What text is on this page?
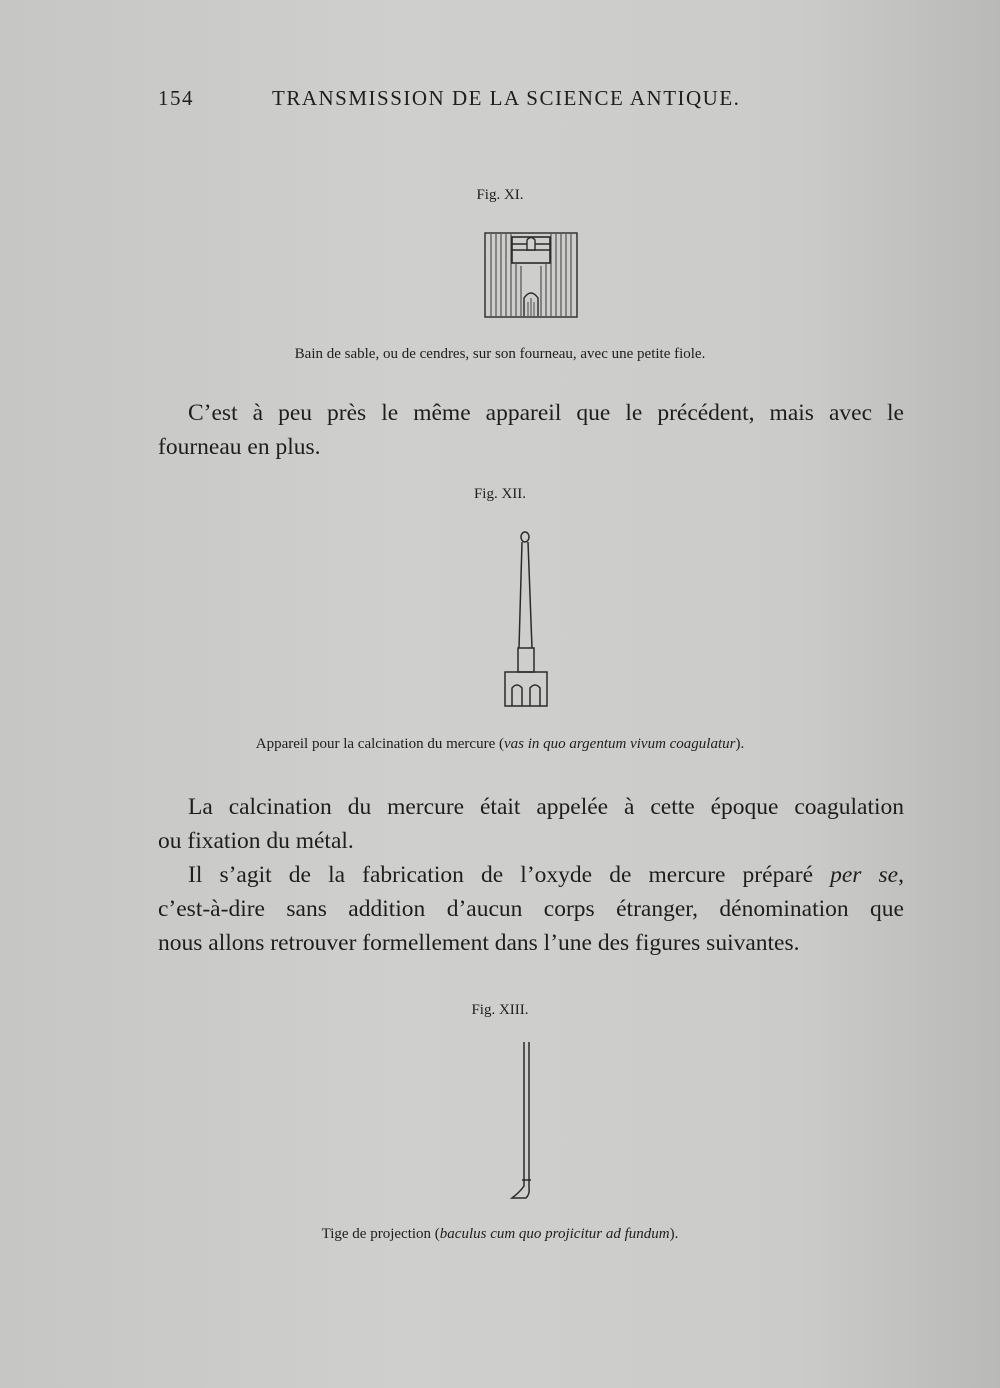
154	TRANSMISSION DE LA SCIENCE ANTIQUE.
Fig. XI.
Bain de sable, ou de cendres, sur son fourneau, avec une petite fiole.
C’est à peu près le même appareil que le précédent, mais avec le
fourneau en plus.
Fig. XII.
Appareil pour la calcination du mercure (vas in quo argentum vivum coagulatur).
La calcination du mercure était appelée à cette époque coagulation
ou fixation du métal.
Il s’agit de la fabrication de l’oxyde de mercure préparé per se,
c’est-à-dire sans addition d’aucun corps étranger, dénomination que
nous allons retrouver formellement dans l’une des figures suivantes.
Fig. XIII.
Tige de projection (baculus cum quo projicitur ad fundum).
